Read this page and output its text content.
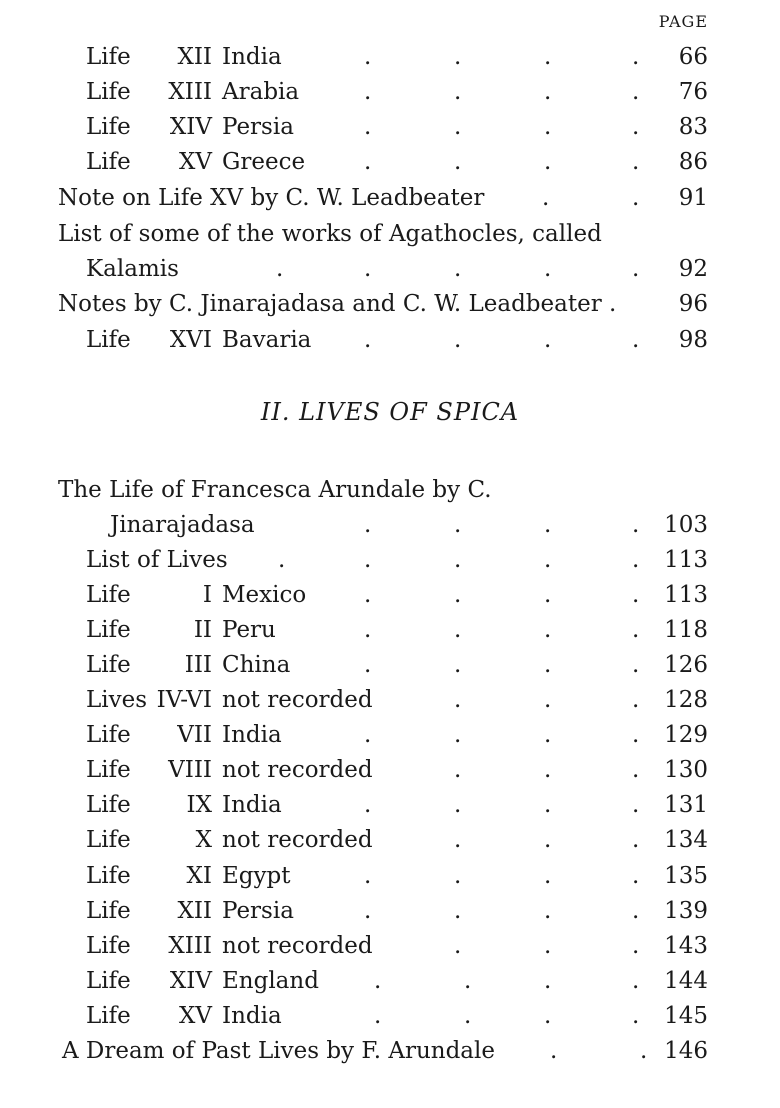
PAGE
Life	XII India	.	.	.	.	66
Life	XIII Arabia	.	.	.	.	76
Life	XIV Persia	.	.	.	.	83
Life	XV Greece	.	.	.	.	86
Note on Life XV by C. W. Leadbeater	.	.	91
List of some of the works of Agathocles, called
Kalamis	.	.	.	.	.	92
Notes by C. Jinarajadasa and C. W. Leadbeater .	96
Life	XVI Bavaria .	.	.	.	98
II. LIVES OF SPICA
The Life of Francesca Arundale by C.
Jinarajadasa	.	.	.	.	103
List of Lives .	.	.	.	.	113
Life	I Mexico	.	.	.	.	113
Life	II Peru	.	.	.	.	118
Life	III China	.	.	.	.	126
Lives IV-VI not recorded	.	.	.	128
Life	VII India	.	.	.	.	129
Life	VIII not recorded	.	.	.	130
Life	IX India	.	.	.	.	131
Life	X not recorded	.	.	.	134
Life	XI Egypt	.	.	.	.	135
Life	XII Persia	.	.	.	.	139
Life	XIII not recorded	.	.	.	143
Life	XIV England .	.	.	.	144
Life	XV India	.	.	.	.	145
A Dream of Past Lives by F. Arundale .	. 146
